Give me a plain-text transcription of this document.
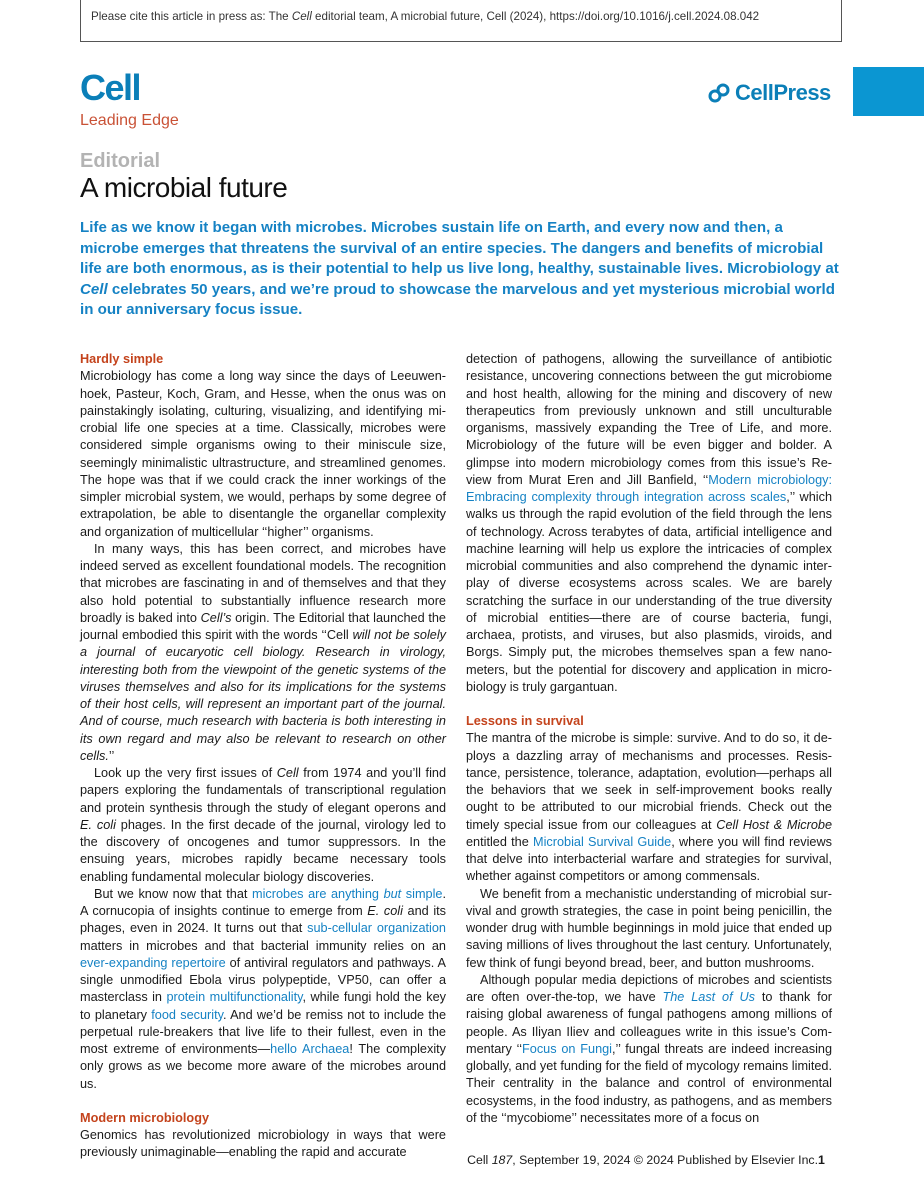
Please cite this article in press as: The Cell editorial team, A microbial future, Cell (2024), https://doi.org/10.1016/j.cell.2024.08.042
Cell	CellPress
Leading Edge
Editorial
A microbial future
Life as we know it began with microbes. Microbes sustain life on Earth, and every now and then, a microbe emerges that threatens the survival of an entire species. The dangers and benefits of microbial life are both enormous, as is their potential to help us live long, healthy, sustainable lives. Microbiology at Cell celebrates 50 years, and we’re proud to showcase the marvelous and yet mysterious microbial world in our anniversary focus issue.
Hardly simple

Microbiology has come a long way since the days of Leeuwenhoek, Pasteur, Koch, Gram, and Hesse, when the onus was on painstakingly isolating, culturing, visualizing, and identifying microbial life one species at a time. Classically, microbes were considered simple organisms owing to their miniscule size, seemingly minimalistic ultrastructure, and streamlined genomes. The hope was that if we could crack the inner workings of the simpler microbial system, we would, perhaps by some degree of extrapolation, be able to disentangle the organellar complexity and organization of multicellular ‘‘higher’’ organisms.

In many ways, this has been correct, and microbes have indeed served as excellent foundational models. The recognition that microbes are fascinating in and of themselves and that they also hold potential to substantially influence research more broadly is baked into Cell’s origin. The Editorial that launched the journal embodied this spirit with the words ‘‘Cell will not be solely a journal of eucaryotic cell biology. Research in virology, interesting both from the viewpoint of the genetic systems of the viruses themselves and also for its implications for the systems of their host cells, will represent an important part of the journal. And of course, much research with bacteria is both interesting in its own regard and may also be relevant to research on other cells.’’

Look up the very first issues of Cell from 1974 and you’ll find papers exploring the fundamentals of transcriptional regulation and protein synthesis through the study of elegant operons and E. coli phages. In the first decade of the journal, virology led to the discovery of oncogenes and tumor suppressors. In the ensuing years, microbes rapidly became necessary tools enabling fundamental molecular biology discoveries.

But we know now that that microbes are anything but simple. A cornucopia of insights continue to emerge from E. coli and its phages, even in 2024. It turns out that sub-cellular organization matters in microbes and that bacterial immunity relies on an ever-expanding repertoire of antiviral regulators and pathways. A single unmodified Ebola virus polypeptide, VP50, can offer a masterclass in protein multifunctionality, while fungi hold the key to planetary food security. And we’d be remiss not to include the perpetual rule-breakers that live life to their fullest, even in the most extreme of environments—hello Archaea! The complexity only grows as we become more aware of the microbes around us.

Modern microbiology

Genomics has revolutionized microbiology in ways that were previously unimaginable—enabling the rapid and accurate

detection of pathogens, allowing the surveillance of antibiotic resistance, uncovering connections between the gut microbiome and host health, allowing for the mining and discovery of new therapeutics from previously unknown and still unculturable organisms, massively expanding the Tree of Life, and more. Microbiology of the future will be even bigger and bolder. A glimpse into modern microbiology comes from this issue’s Review from Murat Eren and Jill Banfield, ‘‘Modern microbiology: Embracing complexity through integration across scales,’’ which walks us through the rapid evolution of the field through the lens of technology. Across terabytes of data, artificial intelligence and machine learning will help us explore the intricacies of complex microbial communities and also comprehend the dynamic interplay of diverse ecosystems across scales. We are barely scratching the surface in our understanding of the true diversity of microbial entities—there are of course bacteria, fungi, archaea, protists, and viruses, but also plasmids, viroids, and Borgs. Simply put, the microbes themselves span a few nanometers, but the potential for discovery and application in microbiology is truly gargantuan.

Lessons in survival

The mantra of the microbe is simple: survive. And to do so, it deploys a dazzling array of mechanisms and processes. Resistance, persistence, tolerance, adaptation, evolution—perhaps all the behaviors that we seek in self-improvement books really ought to be attributed to our microbial friends. Check out the timely special issue from our colleagues at Cell Host & Microbe entitled the Microbial Survival Guide, where you will find reviews that delve into interbacterial warfare and strategies for survival, whether against competitors or among commensals.

We benefit from a mechanistic understanding of microbial survival and growth strategies, the case in point being penicillin, the wonder drug with humble beginnings in mold juice that ended up saving millions of lives throughout the last century. Unfortunately, few think of fungi beyond bread, beer, and button mushrooms.

Although popular media depictions of microbes and scientists are often over-the-top, we have The Last of Us to thank for raising global awareness of fungal pathogens among millions of people. As Iliyan Iliev and colleagues write in this issue’s Commentary ‘‘Focus on Fungi,’’ fungal threats are indeed increasing globally, and yet funding for the field of mycology remains limited. Their centrality in the balance and control of environmental ecosystems, in the food industry, as pathogens, and as members of the ‘‘mycobiome’’ necessitates more of a focus on

Cell 187, September 19, 2024 © 2024 Published by Elsevier Inc. 1
